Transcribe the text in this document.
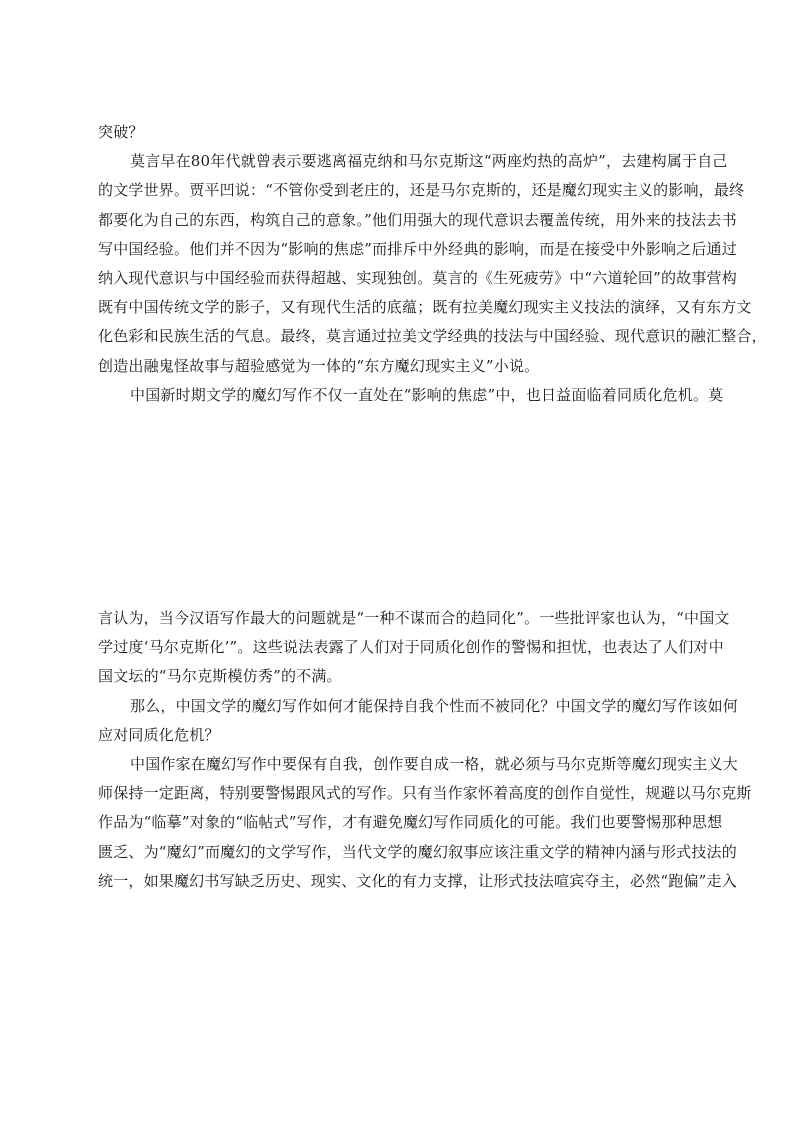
突破？
莫言早在80年代就曾表示要逃离福克纳和马尔克斯这“两座灼热的高炉”，去建构属于自己
的文学世界。贾平凹说：“不管你受到老庄的，还是马尔克斯的，还是魔幻现实主义的影响，最终
都要化为自己的东西，构筑自己的意象。”他们用强大的现代意识去覆盖传统，用外来的技法去书
写中国经验。他们并不因为“影响的焦虑”而排斥中外经典的影响，而是在接受中外影响之后通过
纳入现代意识与中国经验而获得超越、实现独创。莫言的《生死疲劳》中“六道轮回”的故事营构
既有中国传统文学的影子，又有现代生活的底蕴；既有拉美魔幻现实主义技法的演绎，又有东方文
化色彩和民族生活的气息。最终，莫言通过拉美文学经典的技法与中国经验、现代意识的融汇整合，
创造出融鬼怪故事与超验感觉为一体的“东方魔幻现实主义”小说。
中国新时期文学的魔幻写作不仅一直处在“影响的焦虑”中，也日益面临着同质化危机。莫
言认为，当今汉语写作最大的问题就是“一种不谋而合的趋同化”。一些批评家也认为，“中国文
学过度‘马尔克斯化’”。这些说法表露了人们对于同质化创作的警惕和担忧，也表达了人们对中
国文坛的“马尔克斯模仿秀”的不满。
那么，中国文学的魔幻写作如何才能保持自我个性而不被同化？中国文学的魔幻写作该如何
应对同质化危机？
中国作家在魔幻写作中要保有自我，创作要自成一格，就必须与马尔克斯等魔幻现实主义大
师保持一定距离，特别要警惕跟风式的写作。只有当作家怀着高度的创作自觉性，规避以马尔克斯
作品为“临摹”对象的“临帖式”写作，才有避免魔幻写作同质化的可能。我们也要警惕那种思想
匮乏、为“魔幻”而魔幻的文学写作，当代文学的魔幻叙事应该注重文学的精神内涵与形式技法的
统一，如果魔幻书写缺乏历史、现实、文化的有力支撑，让形式技法喧宾夺主，必然“跑偏”走入
